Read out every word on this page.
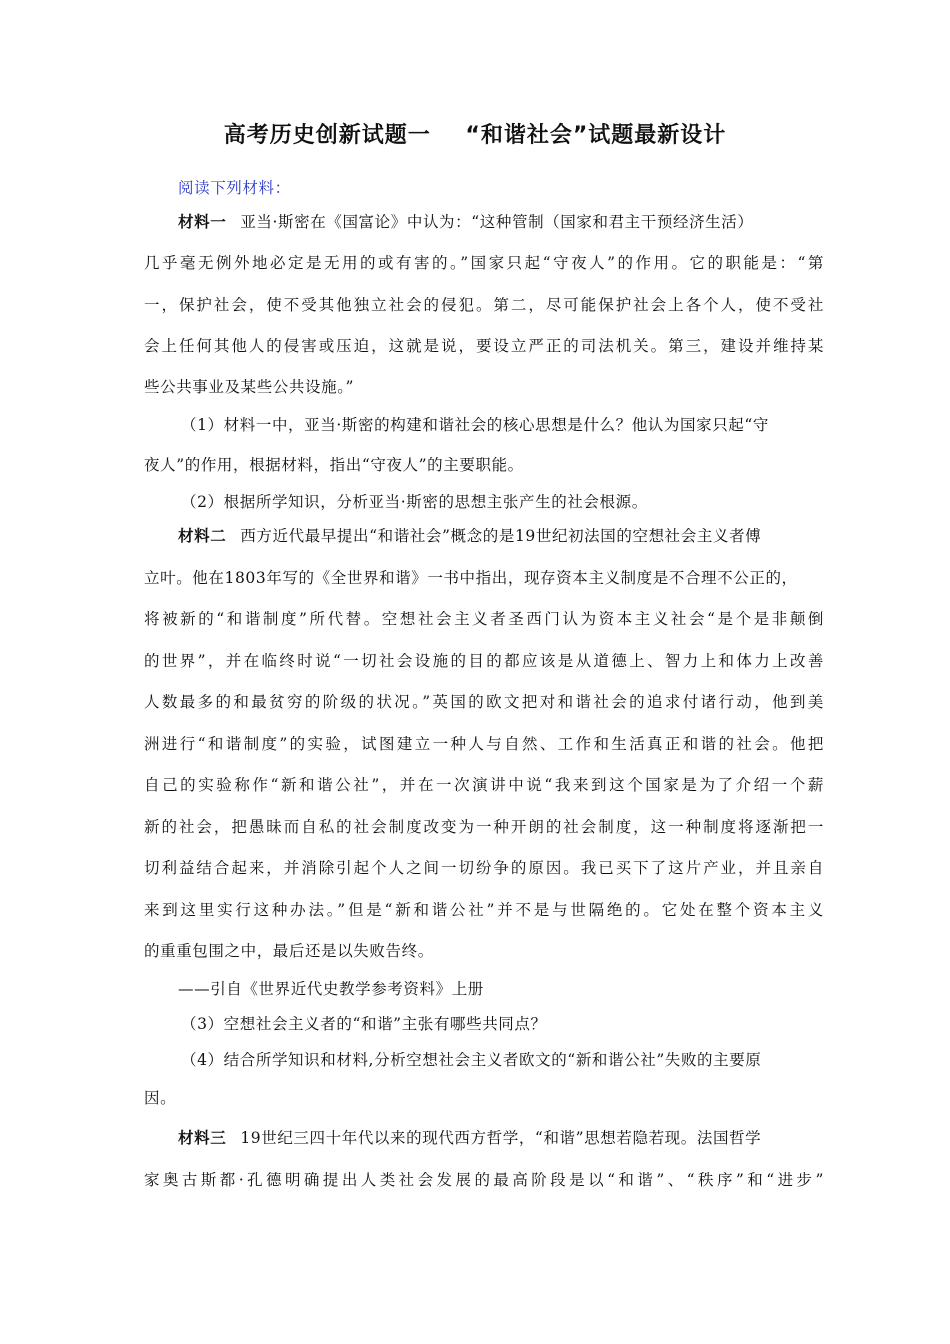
高考历史创新试题一    “和谐社会”试题最新设计
阅读下列材料：
材料一 亚当·斯密在《国富论》中认为：“这种管制（国家和君主干预经济生活）
几乎毫无例外地必定是无用的或有害的。”国家只起“守夜人”的作用。它的职能是：“第
一，保护社会，使不受其他独立社会的侵犯。第二，尽可能保护社会上各个人，使不受社
会上任何其他人的侵害或压迫，这就是说，要设立严正的司法机关。第三，建设并维持某
些公共事业及某些公共设施。”
（1）材料一中，亚当·斯密的构建和谐社会的核心思想是什么？他认为国家只起“守
夜人”的作用，根据材料，指出“守夜人”的主要职能。
（2）根据所学知识，分析亚当·斯密的思想主张产生的社会根源。
材料二 西方近代最早提出“和谐社会”概念的是19世纪初法国的空想社会主义者傅
立叶。他在1803年写的《全世界和谐》一书中指出，现存资本主义制度是不合理不公正的，
将被新的“和谐制度”所代替。空想社会主义者圣西门认为资本主义社会“是个是非颠倒
的世界”，并在临终时说“一切社会设施的目的都应该是从道德上、智力上和体力上改善
人数最多的和最贫穷的阶级的状况。”英国的欧文把对和谐社会的追求付诸行动，他到美
洲进行“和谐制度”的实验，试图建立一种人与自然、工作和生活真正和谐的社会。他把
自己的实验称作“新和谐公社”，并在一次演讲中说“我来到这个国家是为了介绍一个薪
新的社会，把愚昧而自私的社会制度改变为一种开朗的社会制度，这一种制度将逐渐把一
切利益结合起来，并消除引起个人之间一切纷争的原因。我已买下了这片产业，并且亲自
来到这里实行这种办法。”但是“新和谐公社”并不是与世隔绝的。它处在整个资本主义
的重重包围之中，最后还是以失败告终。
——引自《世界近代史教学参考资料》上册
（3）空想社会主义者的“和谐”主张有哪些共同点？
（4）结合所学知识和材料,分析空想社会主义者欧文的“新和谐公社”失败的主要原
因。
材料三 19世纪三四十年代以来的现代西方哲学，“和谐”思想若隐若现。法国哲学
家奥古斯都·孔德明确提出人类社会发展的最高阶段是以“和谐”、“秩序”和“进步”
